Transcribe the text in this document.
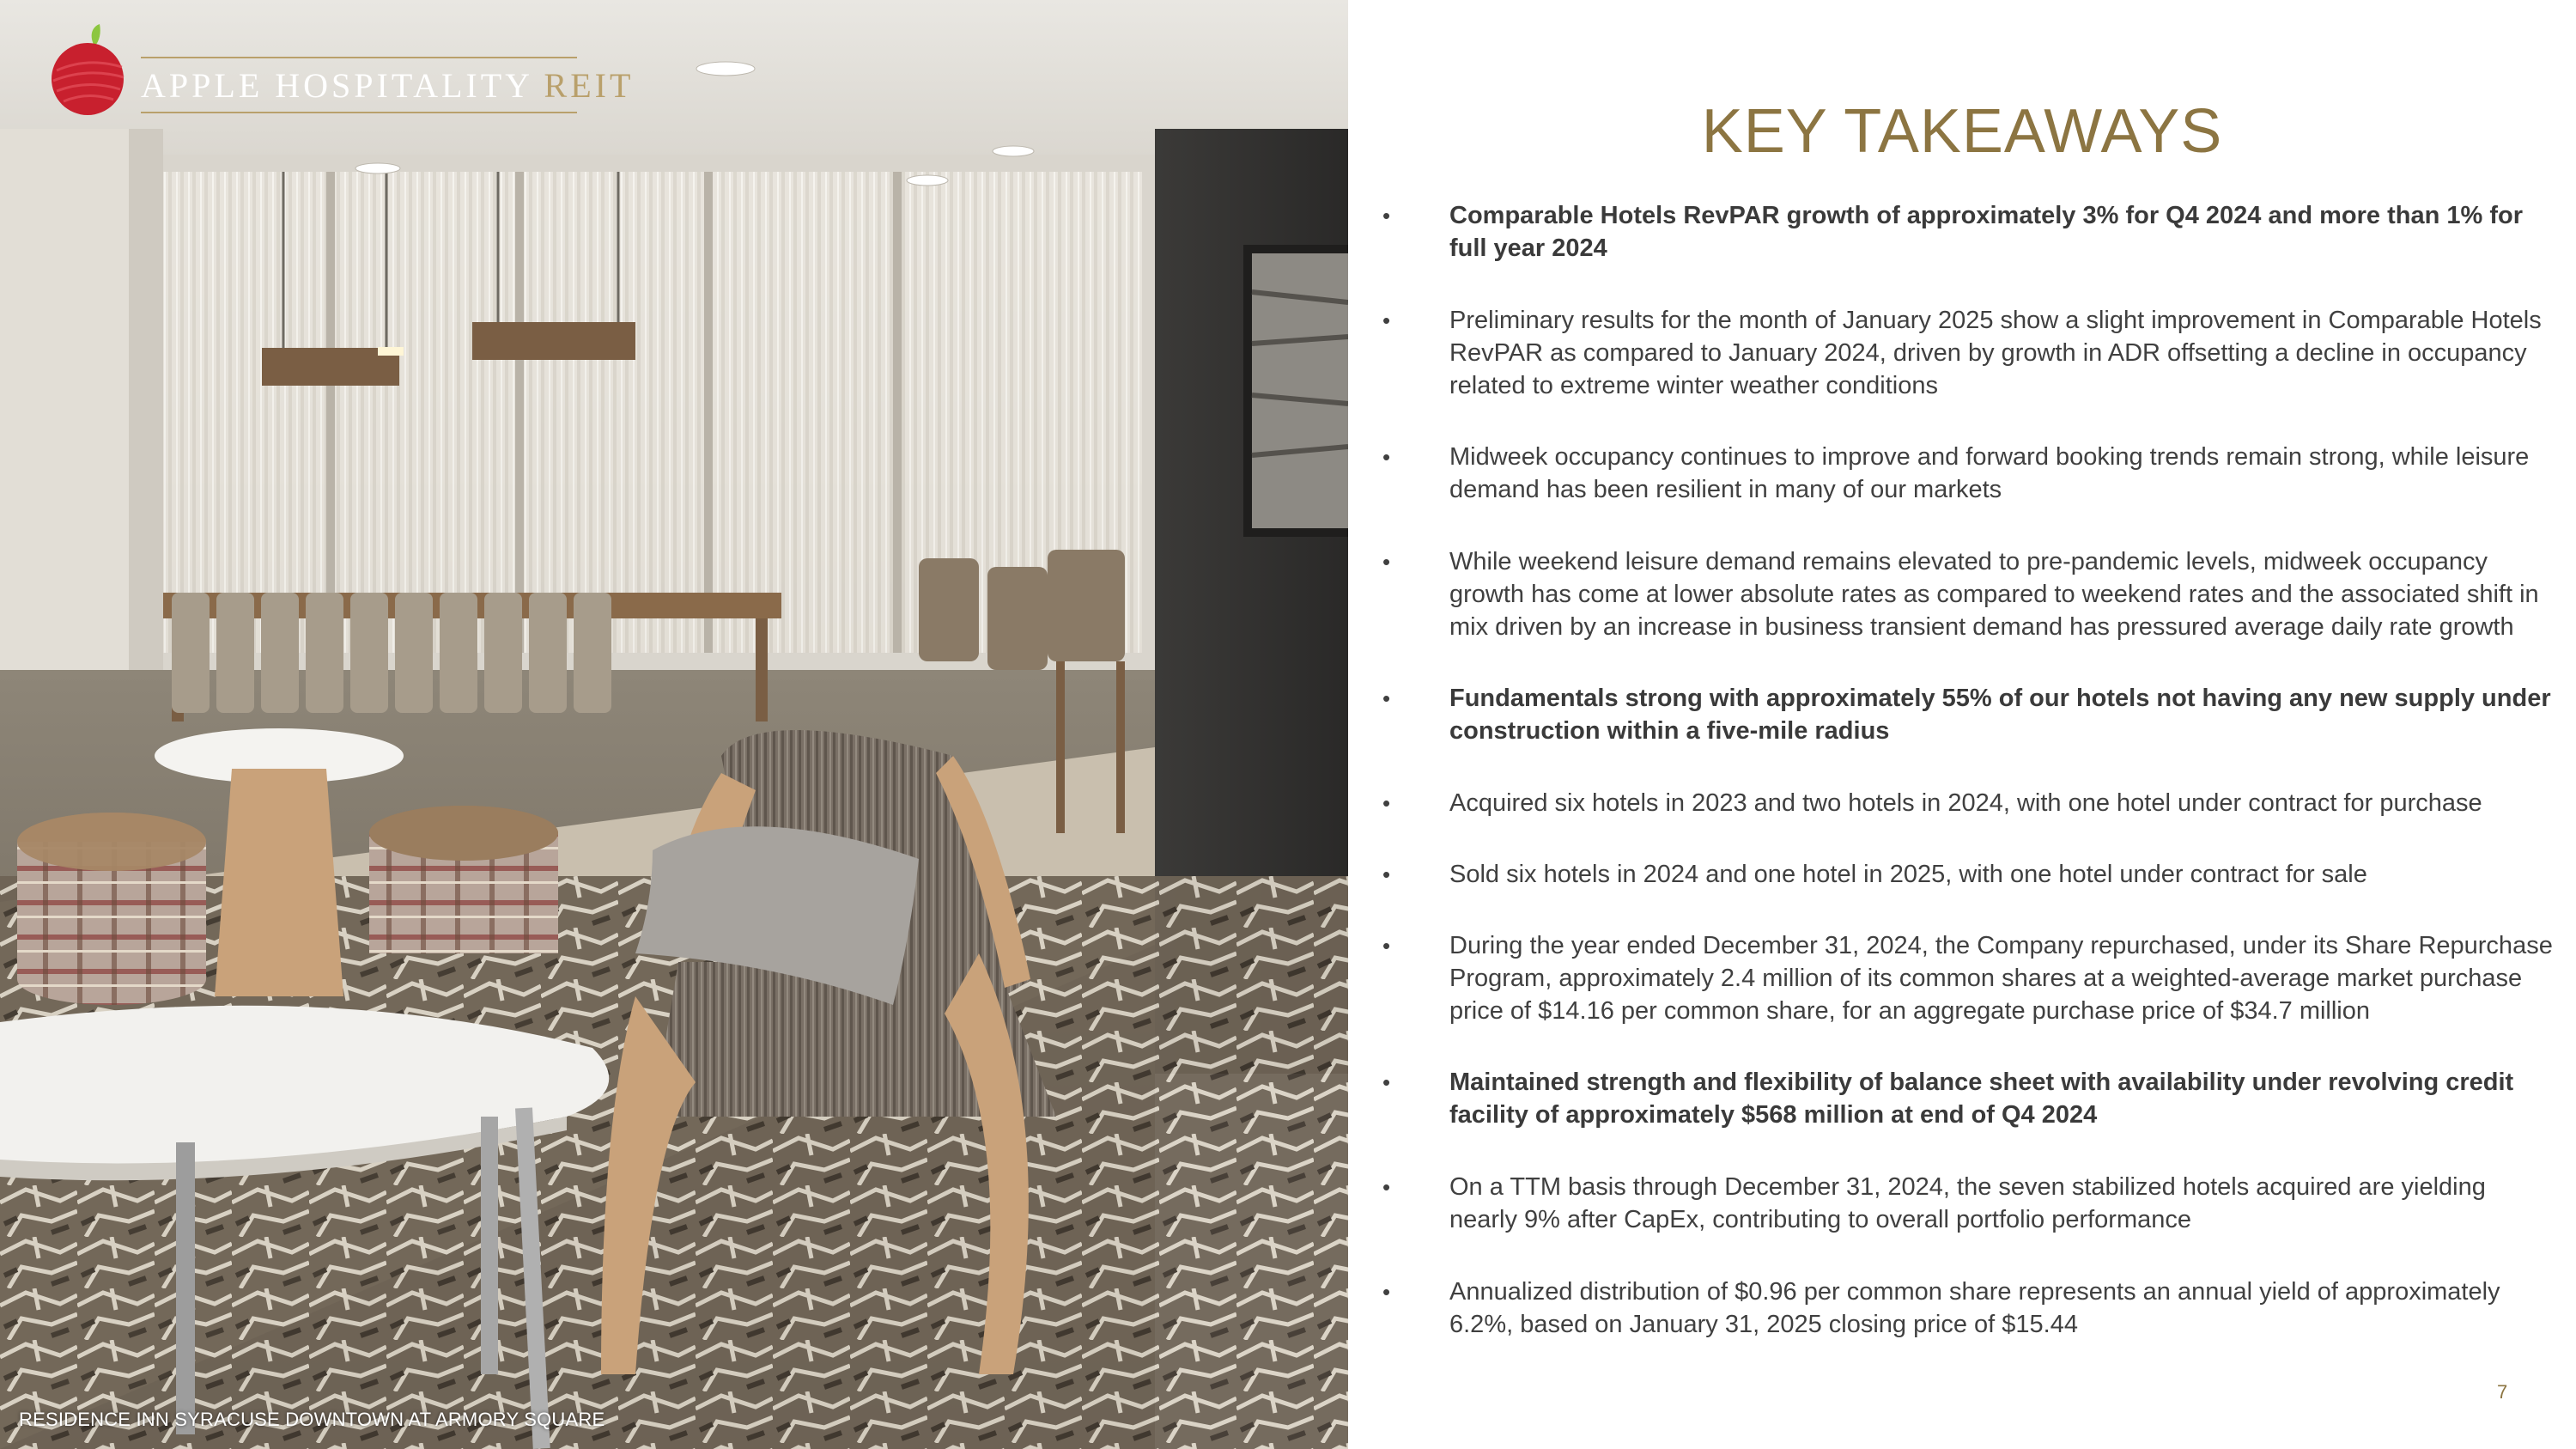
APPLE HOSPITALITY REIT
RESIDENCE INN SYRACUSE DOWNTOWN AT ARMORY SQUARE
KEY TAKEAWAYS
•	Comparable Hotels RevPAR growth of approximately 3% for Q4 2024 and more than 1% for full year 2024
•	Preliminary results for the month of January 2025 show a slight improvement in Comparable Hotels RevPAR as compared to January 2024, driven by growth in ADR offsetting a decline in occupancy related to extreme winter weather conditions
•	Midweek occupancy continues to improve and forward booking trends remain strong, while leisure demand has been resilient in many of our markets
•	While weekend leisure demand remains elevated to pre-pandemic levels, midweek occupancy growth has come at lower absolute rates as compared to weekend rates and the associated shift in mix driven by an increase in business transient demand has pressured average daily rate growth
•	Fundamentals strong with approximately 55% of our hotels not having any new supply under construction within a five-mile radius
•	Acquired six hotels in 2023 and two hotels in 2024, with one hotel under contract for purchase
•	Sold six hotels in 2024 and one hotel in 2025, with one hotel under contract for sale
•	During the year ended December 31, 2024, the Company repurchased, under its Share Repurchase Program, approximately 2.4 million of its common shares at a weighted-average market purchase price of $14.16 per common share, for an aggregate purchase price of $34.7 million
•	Maintained strength and flexibility of balance sheet with availability under revolving credit facility of approximately $568 million at end of Q4 2024
•	On a TTM basis through December 31, 2024, the seven stabilized hotels acquired are yielding nearly 9% after CapEx, contributing to overall portfolio performance
•	Annualized distribution of $0.96 per common share represents an annual yield of approximately 6.2%, based on January 31, 2025 closing price of $15.44
7
